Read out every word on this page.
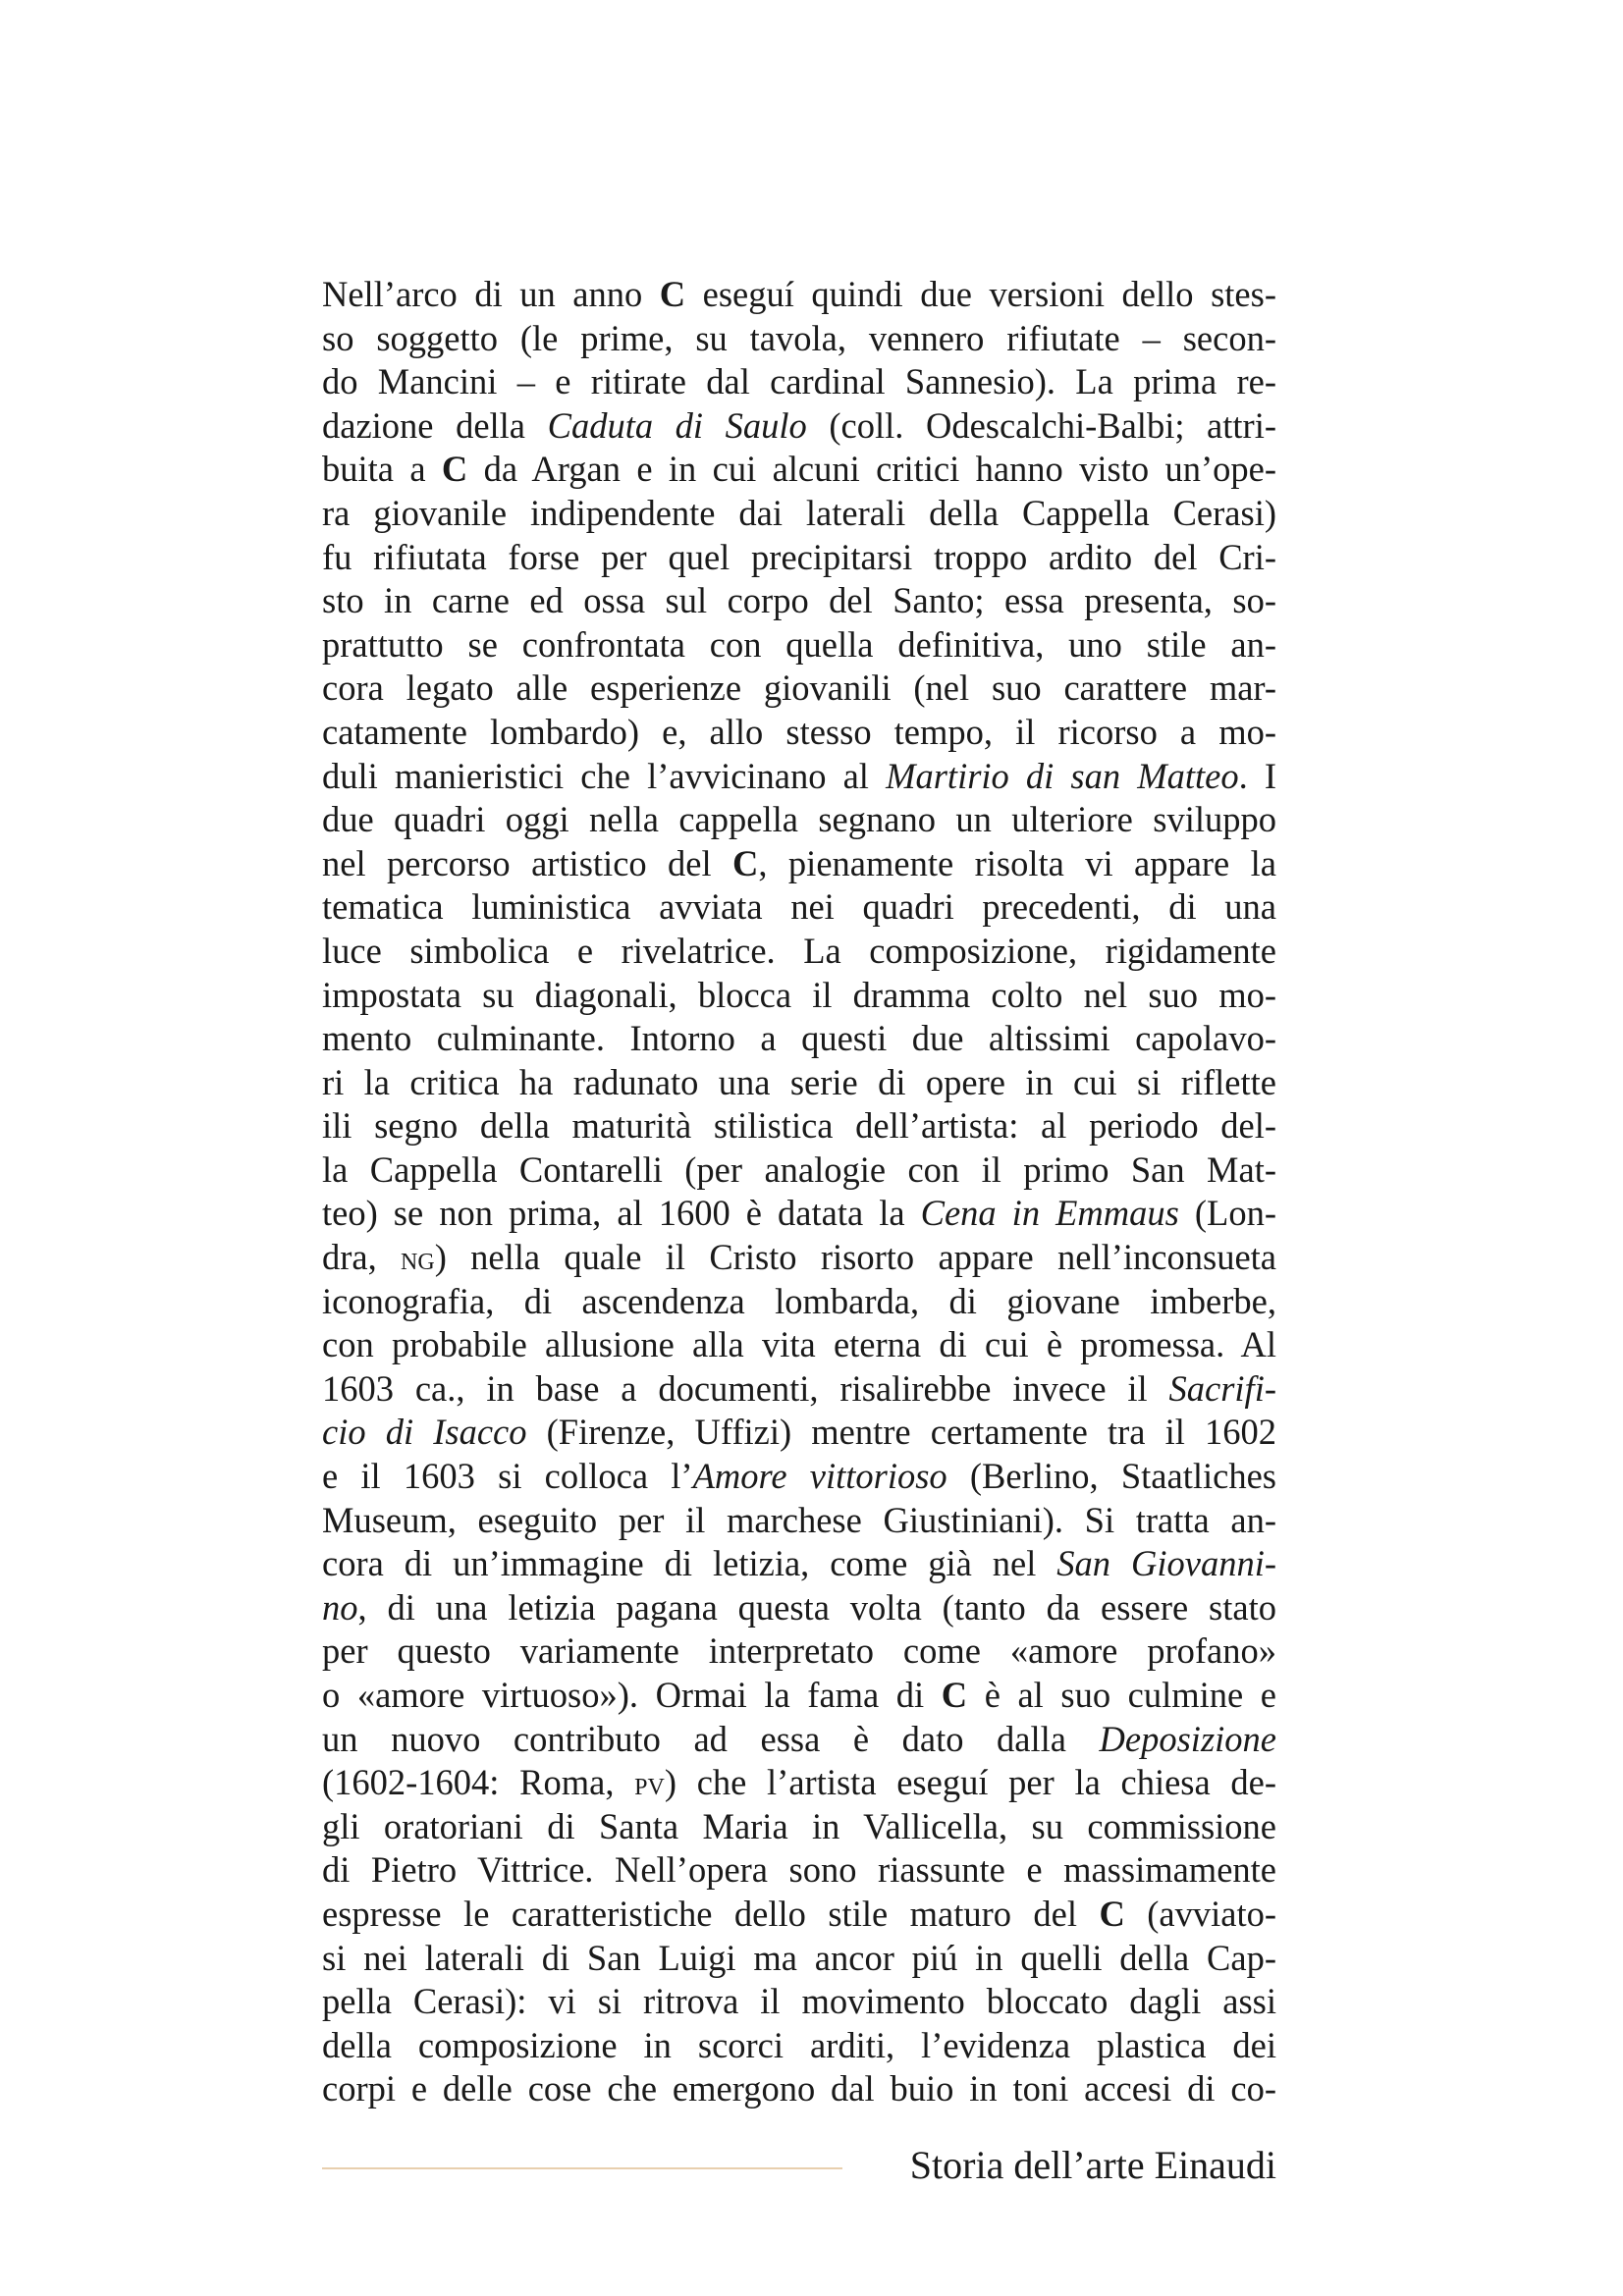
Nell’arco di un anno C eseguí quindi due versioni dello stes-
so soggetto (le prime, su tavola, vennero rifiutate – secon-
do Mancini – e ritirate dal cardinal Sannesio). La prima re-
dazione della Caduta di Saulo (coll. Odescalchi-Balbi; attri-
buita a C da Argan e in cui alcuni critici hanno visto un’ope-
ra giovanile indipendente dai laterali della Cappella Cerasi)
fu rifiutata forse per quel precipitarsi troppo ardito del Cri-
sto in carne ed ossa sul corpo del Santo; essa presenta, so-
prattutto se confrontata con quella definitiva, uno stile an-
cora legato alle esperienze giovanili (nel suo carattere mar-
catamente lombardo) e, allo stesso tempo, il ricorso a mo-
duli manieristici che l’avvicinano al Martirio di san Matteo. I
due quadri oggi nella cappella segnano un ulteriore sviluppo
nel percorso artistico del C, pienamente risolta vi appare la
tematica luministica avviata nei quadri precedenti, di una
luce simbolica e rivelatrice. La composizione, rigidamente
impostata su diagonali, blocca il dramma colto nel suo mo-
mento culminante. Intorno a questi due altissimi capolavo-
ri la critica ha radunato una serie di opere in cui si riflette
ili segno della maturità stilistica dell’artista: al periodo del-
la Cappella Contarelli (per analogie con il primo San Mat-
teo) se non prima, al 1600 è datata la Cena in Emmaus (Lon-
dra, ng) nella quale il Cristo risorto appare nell’inconsueta
iconografia, di ascendenza lombarda, di giovane imberbe,
con probabile allusione alla vita eterna di cui è promessa. Al
1603 ca., in base a documenti, risalirebbe invece il Sacrifi-
cio di Isacco (Firenze, Uffizi) mentre certamente tra il 1602
e il 1603 si colloca l’Amore vittorioso (Berlino, Staatliches
Museum, eseguito per il marchese Giustiniani). Si tratta an-
cora di un’immagine di letizia, come già nel San Giovanni-
no, di una letizia pagana questa volta (tanto da essere stato
per questo variamente interpretato come «amore profano»
o «amore virtuoso»). Ormai la fama di C è al suo culmine e
un nuovo contributo ad essa è dato dalla Deposizione
(1602-1604: Roma, pv) che l’artista eseguí per la chiesa de-
gli oratoriani di Santa Maria in Vallicella, su commissione
di Pietro Vittrice. Nell’opera sono riassunte e massimamente
espresse le caratteristiche dello stile maturo del C (avviato-
si nei laterali di San Luigi ma ancor piú in quelli della Cap-
pella Cerasi): vi si ritrova il movimento bloccato dagli assi
della composizione in scorci arditi, l’evidenza plastica dei
corpi e delle cose che emergono dal buio in toni accesi di co-
Storia dell’arte Einaudi
